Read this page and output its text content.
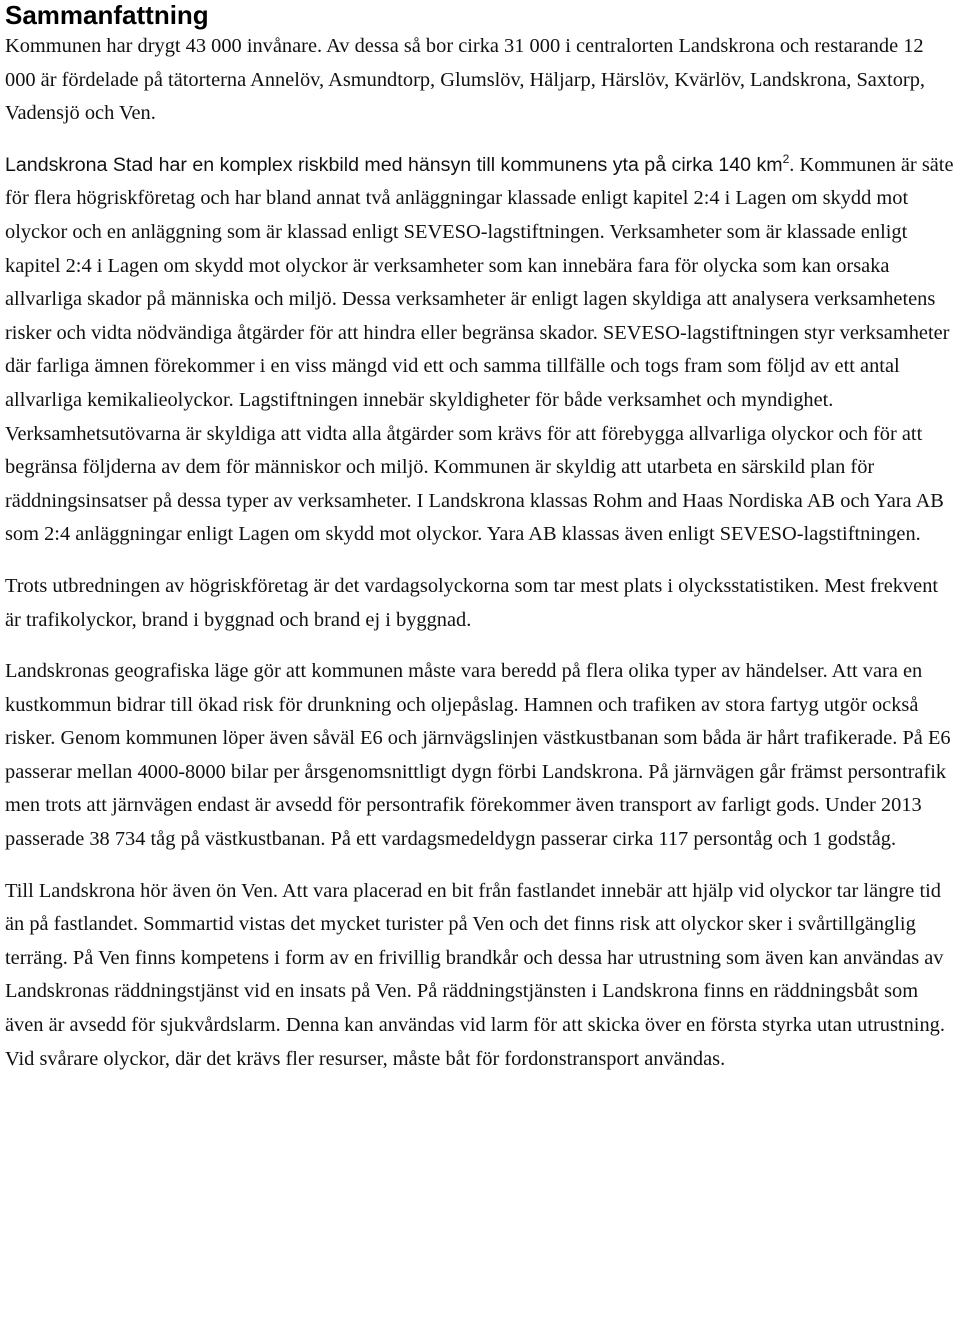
Sammanfattning

Kommunen har drygt 43 000 invånare. Av dessa så bor cirka 31 000 i centralorten Landskrona och restarande 12 000 är fördelade på tätorterna Annelöv, Asmundtorp, Glumslöv, Häljarp, Härslöv, Kvärlöv, Landskrona, Saxtorp, Vadensjö och Ven.

Landskrona Stad har en komplex riskbild med hänsyn till kommunens yta på cirka 140 $km^2$. Kommunen är säte för flera högriskföretag och har bland annat två anläggningar klassade enligt kapitel 2:4 i Lagen om skydd mot olyckor och en anläggning som är klassad enligt SEVESO-lagstiftningen. Verksamheter som är klassade enligt kapitel 2:4 i Lagen om skydd mot olyckor är verksamheter som kan innebära fara för olycka som kan orsaka allvarliga skador på människa och miljö. Dessa verksamheter är enligt lagen skyldiga att analysera verksamhetens risker och vidta nödvändiga åtgärder för att hindra eller begränsa skador. SEVESO-lagstiftningen styr verksamheter där farliga ämnen förekommer i en viss mängd vid ett och samma tillfälle och togs fram som följd av ett antal allvarliga kemikalieolyckor. Lagstiftningen innebär skyldigheter för både verksamhet och myndighet. Verksamhetsutövarna är skyldiga att vidta alla åtgärder som krävs för att förebygga allvarliga olyckor och för att begränsa följderna av dem för människor och miljö. Kommunen är skyldig att utarbeta en särskild plan för räddningsinsatser på dessa typer av verksamheter. I Landskrona klassas Rohm and Haas Nordiska AB och Yara AB som 2:4 anläggningar enligt Lagen om skydd mot olyckor. Yara AB klassas även enligt SEVESO-lagstiftningen.

Trots utbredningen av högriskföretag är det vardagsolyckorna som tar mest plats i olycksstatistiken. Mest frekvent är trafikolyckor, brand i byggnad och brand ej i byggnad.

Landskronas geografiska läge gör att kommunen måste vara beredd på flera olika typer av händelser. Att vara en kustkommun bidrar till ökad risk för drunkning och oljepåslag. Hamnen och trafiken av stora fartyg utgör också risker. Genom kommunen löper även såväl E6 och järnvägslinjen västkustbanan som båda är hårt trafikerade. På E6 passerar mellan 4000-8000 bilar per årsgenomsnittligt dygn förbi Landskrona. På järnvägen går främst persontrafik men trots att järnvägen endast är avsedd för persontrafik förekommer även transport av farligt gods. Under 2013 passerade 38 734 tåg på västkustbanan. På ett vardagsmedeldygn passerar cirka 117 persontåg och 1 godståg.

Till Landskrona hör även ön Ven. Att vara placerad en bit från fastlandet innebär att hjälp vid olyckor tar längre tid än på fastlandet. Sommartid vistas det mycket turister på Ven och det finns risk att olyckor sker i svårtillgänglig terräng. På Ven finns kompetens i form av en frivillig brandkår och dessa har utrustning som även kan användas av Landskronas räddningstjänst vid en insats på Ven. På räddningstjänsten i Landskrona finns en räddningsbåt som även är avsedd för sjukvårdslarm. Denna kan användas vid larm för att skicka över en första styrka utan utrustning. Vid svårare olyckor, där det krävs fler resurser, måste båt för fordonstransport användas.
